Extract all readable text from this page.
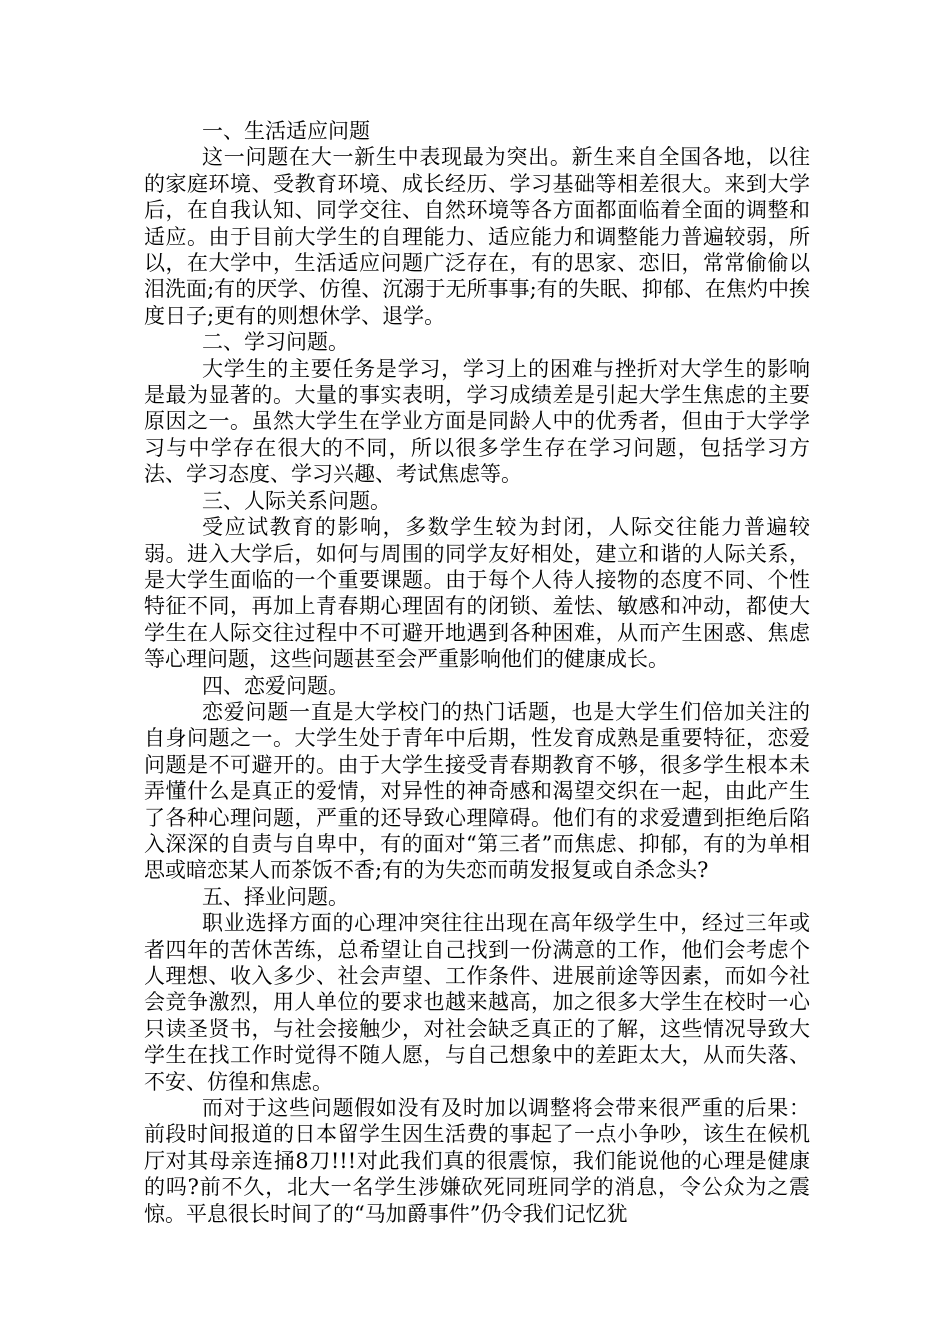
一、生活适应问题

这一问题在大一新生中表现最为突出。新生来自全国各地，以往的家庭环境、受教育环境、成长经历、学习基础等相差很大。来到大学后，在自我认知、同学交往、自然环境等各方面都面临着全面的调整和适应。由于目前大学生的自理能力、适应能力和调整能力普遍较弱，所以，在大学中，生活适应问题广泛存在，有的思家、恋旧，常常偷偷以泪洗面;有的厌学、仿徨、沉溺于无所事事;有的失眠、抑郁、在焦灼中挨度日子;更有的则想休学、退学。

二、学习问题。

大学生的主要任务是学习，学习上的困难与挫折对大学生的影响是最为显著的。大量的事实表明，学习成绩差是引起大学生焦虑的主要原因之一。虽然大学生在学业方面是同龄人中的优秀者，但由于大学学习与中学存在很大的不同，所以很多学生存在学习问题，包括学习方法、学习态度、学习兴趣、考试焦虑等。

三、人际关系问题。

受应试教育的影响，多数学生较为封闭，人际交往能力普遍较弱。进入大学后，如何与周围的同学友好相处，建立和谐的人际关系，是大学生面临的一个重要课题。由于每个人待人接物的态度不同、个性特征不同，再加上青春期心理固有的闭锁、羞怯、敏感和冲动，都使大学生在人际交往过程中不可避开地遇到各种困难，从而产生困惑、焦虑等心理问题，这些问题甚至会严重影响他们的健康成长。

四、恋爱问题。

恋爱问题一直是大学校门的热门话题，也是大学生们倍加关注的自身问题之一。大学生处于青年中后期，性发育成熟是重要特征，恋爱问题是不可避开的。由于大学生接受青春期教育不够，很多学生根本未弄懂什么是真正的爱情，对异性的神奇感和渴望交织在一起，由此产生了各种心理问题，严重的还导致心理障碍。他们有的求爱遭到拒绝后陷入深深的自责与自卑中，有的面对“第三者”而焦虑、抑郁，有的为单相思或暗恋某人而茶饭不香;有的为失恋而萌发报复或自杀念头?

五、择业问题。

职业选择方面的心理冲突往往出现在高年级学生中，经过三年或者四年的苦休苦练，总希望让自己找到一份满意的工作，他们会考虑个人理想、收入多少、社会声望、工作条件、进展前途等因素，而如今社会竞争激烈，用人单位的要求也越来越高，加之很多大学生在校时一心只读圣贤书，与社会接触少，对社会缺乏真正的了解，这些情况导致大学生在找工作时觉得不随人愿，与自己想象中的差距太大，从而失落、不安、仿徨和焦虑。

而对于这些问题假如没有及时加以调整将会带来很严重的后果：前段时间报道的日本留学生因生活费的事起了一点小争吵，该生在候机厅对其母亲连捅8刀!!!对此我们真的很震惊，我们能说他的心理是健康的吗?前不久，北大一名学生涉嫌砍死同班同学的消息，令公众为之震惊。平息很长时间了的“马加爵事件”仍令我们记忆犹
